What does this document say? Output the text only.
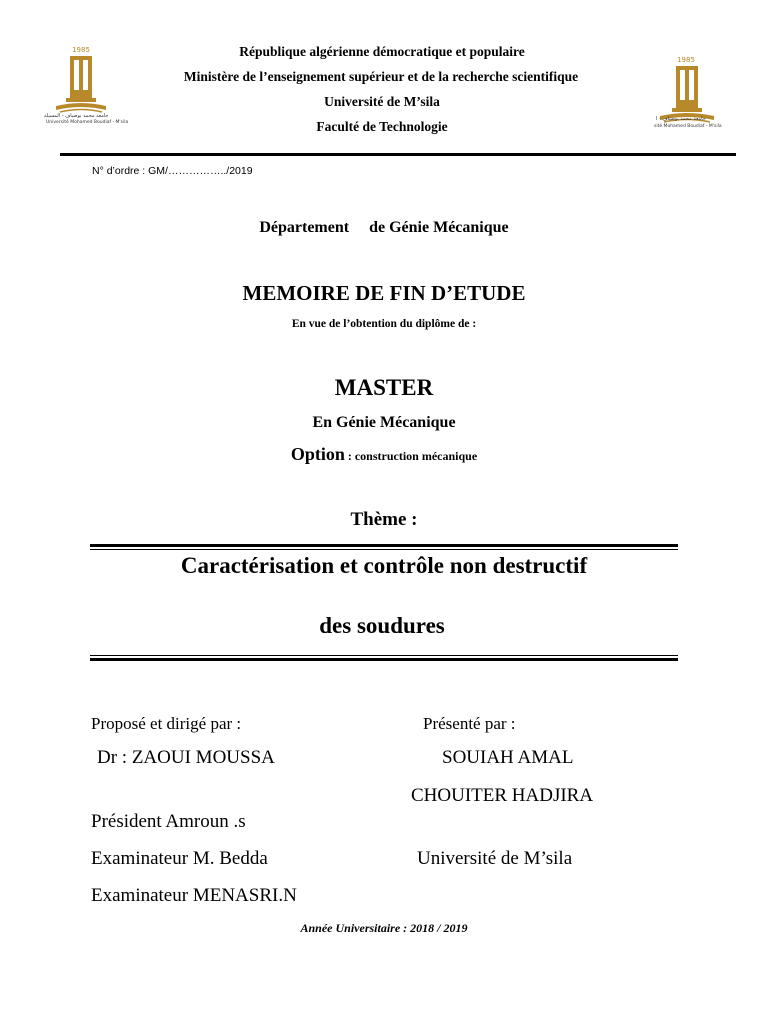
1985
جامعة محمد بوضياف - المسيلة
Université Mohamed Boudiaf - M'sila
1985
جامعة محمد بوضياف - ا
sité Mohamed Boudiaf - M'sila
République algérienne démocratique et populaire
Ministère de l’enseignement supérieur et de la recherche scientifique
Université de M’sila
Faculté de Technologie
N° d’ordre : GM/……………../2019
Département de Génie Mécanique
MEMOIRE DE FIN D’ETUDE
En vue de l’obtention du diplôme de :
MASTER
En Génie Mécanique
Option : construction mécanique
Thème :
Caractérisation et contrôle non destructif
des soudures
Proposé et dirigé par :	Présenté par :
Dr : ZAOUI MOUSSA	SOUIAH AMAL
CHOUITER HADJIRA
Président Amroun .s
Examinateur M. Bedda	Université de M’sila
Examinateur MENASRI.N
Année Universitaire : 2018 / 2019
